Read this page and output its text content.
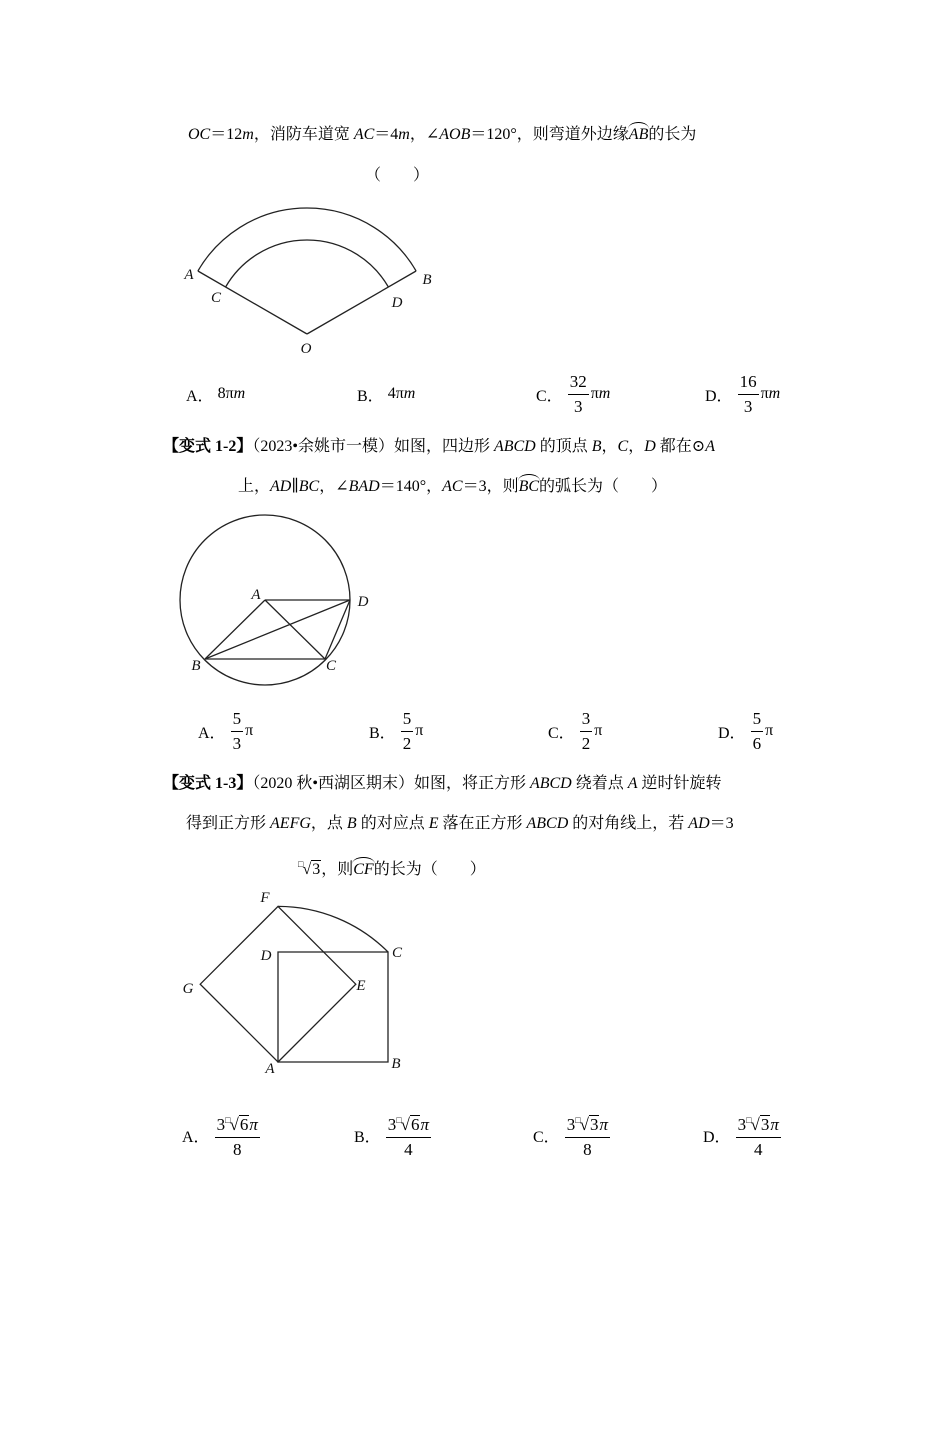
OC＝12m，消防车道宽 AC＝4m，∠AOB＝120°，则弯道外边缘AB的长为
（　　）
A
C
B
D
O
A． 8π m	B． 4π m	C． $\frac{32}{3}$ π m	D． $\frac{16}{3}$ π m
【变式 1-2】（2023•余姚市一模）如图，四边形 ABCD 的顶点 B，C，D 都在⊙A
上，AD∥BC，∠BAD＝140°，AC＝3，则BC的弧长为（　　）
A	D
B	C
A． $\frac{5}{3}$ π	B． $\frac{5}{2}$ π	C． $\frac{3}{2}$ π	D． $\frac{5}{6}$ π
【变式 1-3】（2020 秋•西湖区期末）如图，将正方形 ABCD 绕着点 A 逆时针旋转
得到正方形 AEFG，点 B 的对应点 E 落在正方形 ABCD 的对角线上，若 AD＝3
□√3，则CF的长为（　　）
F
D	C
G	E
A	B
A． $\frac{3^□√6\pi}{8}$	B． $\frac{3^□√6\pi}{4}$	C． $\frac{3^□√3\pi}{8}$	D． $\frac{3^□√3\pi}{4}$
